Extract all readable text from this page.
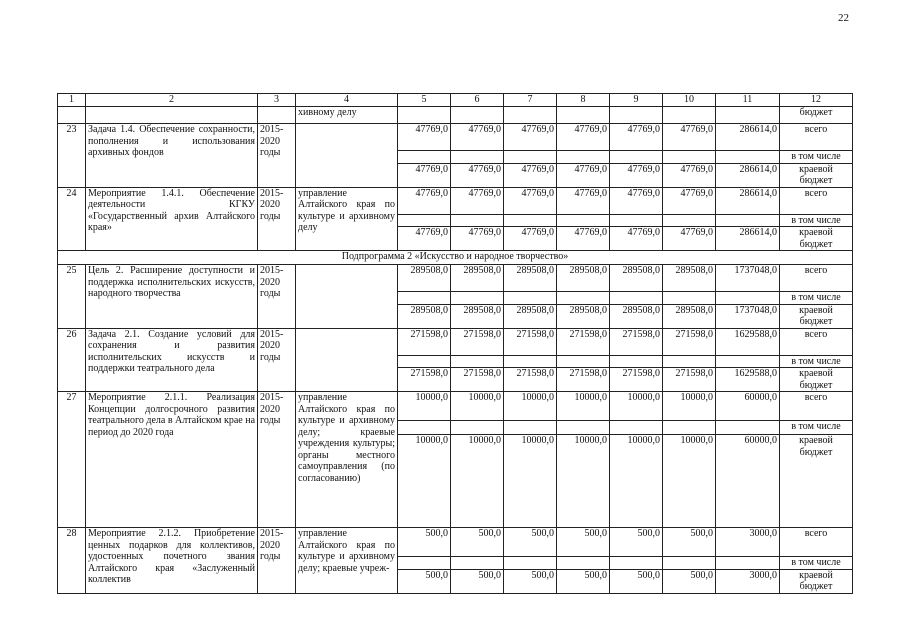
22
1	2	3	4	5	6	7	8	9	10	11	12
			хивному делу								бюджет
23	Задача 1.4. Обеспечение сохранности, пополнения и использования архивных фондов	2015-2020 годы		47769,0	47769,0	47769,0	47769,0	47769,0	47769,0	286614,0	всего
											в том числе
				47769,0	47769,0	47769,0	47769,0	47769,0	47769,0	286614,0	краевой бюджет
24	Мероприятие 1.4.1. Обеспечение деятельности КГКУ «Государственный архив Алтайского края»	2015-2020 годы	управление Алтайского края по культуре и архивному делу	47769,0	47769,0	47769,0	47769,0	47769,0	47769,0	286614,0	всего
											в том числе
				47769,0	47769,0	47769,0	47769,0	47769,0	47769,0	286614,0	краевой бюджет
Подпрограмма 2 «Искусство и народное творчество»											
25	Цель 2. Расширение доступности и поддержка исполнительских искусств, народного творчества	2015-2020 годы		289508,0	289508,0	289508,0	289508,0	289508,0	289508,0	1737048,0	всего
											в том числе
				289508,0	289508,0	289508,0	289508,0	289508,0	289508,0	1737048,0	краевой бюджет
26	Задача 2.1. Создание условий для сохранения и развития исполнительских искусств и поддержки театрального дела	2015-2020 годы		271598,0	271598,0	271598,0	271598,0	271598,0	271598,0	1629588,0	всего
											в том числе
				271598,0	271598,0	271598,0	271598,0	271598,0	271598,0	1629588,0	краевой бюджет
27	Мероприятие 2.1.1. Реализация Концепции долгосрочного развития театрального дела в Алтайском крае на период до 2020 года	2015-2020 годы	управление Алтайского края по культуре и архивному делу; краевые учреждения культуры; органы местного самоуправления (по согласованию)	10000,0	10000,0	10000,0	10000,0	10000,0	10000,0	60000,0	всего
											в том числе
				10000,0	10000,0	10000,0	10000,0	10000,0	10000,0	60000,0	краевой бюджет
28	Мероприятие 2.1.2. Приобретение ценных подарков для коллективов, удостоенных почетного звания Алтайского края «Заслуженный коллектив	2015-2020 годы	управление Алтайского края по культуре и архивному делу; краевые учреж-	500,0	500,0	500,0	500,0	500,0	500,0	3000,0	всего
											в том числе
				500,0	500,0	500,0	500,0	500,0	500,0	3000,0	краевой бюджет
